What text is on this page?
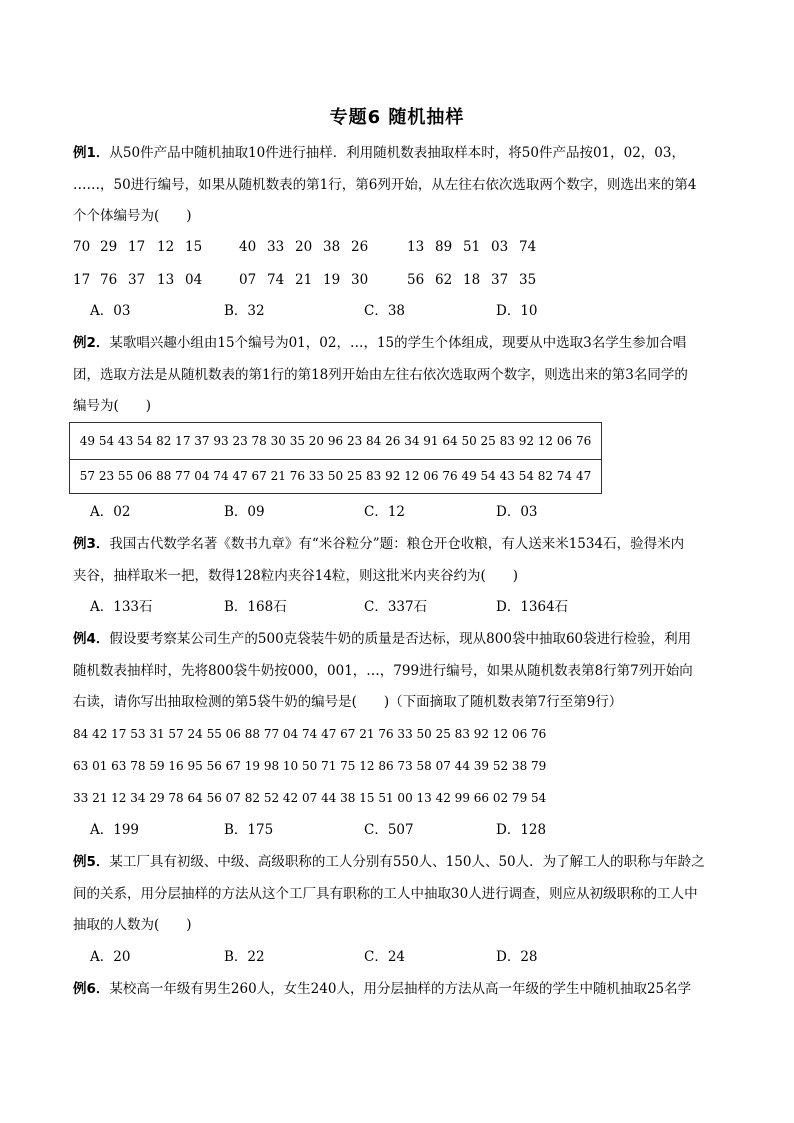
专题6 随机抽样
例1．从50件产品中随机抽取10件进行抽样．利用随机数表抽取样本时，将50件产品按01，02，03，
……，50进行编号，如果从随机数表的第1行，第6列开始，从左往右依次选取两个数字，则选出来的第4
个个体编号为(　　)
70 29 17 12 15	40 33 20 38 26	13 89 51 03 74
17 76 37 13 04	07 74 21 19 30	56 62 18 37 35
A．03	B．32	C．38	D．10
例2．某歌唱兴趣小组由15个编号为01，02，…，15的学生个体组成，现要从中选取3名学生参加合唱
团，选取方法是从随机数表的第1行的第18列开始由左往右依次选取两个数字，则选出来的第3名同学的
编号为(　　)
49 54 43 54 82 17 37 93 23 78 30 35 20 96 23 84 26 34 91 64 50 25 83 92 12 06 76
57 23 55 06 88 77 04 74 47 67 21 76 33 50 25 83 92 12 06 76 49 54 43 54 82 74 47
A．02	B．09	C．12	D．03
例3．我国古代数学名著《数书九章》有“米谷粒分”题：粮仓开仓收粮，有人送来米1534石，验得米内
夹谷，抽样取米一把，数得128粒内夹谷14粒，则这批米内夹谷约为(　　)
A．133石	B．168石	C．337石	D．1364石
例4．假设要考察某公司生产的500克袋装牛奶的质量是否达标，现从800袋中抽取60袋进行检验，利用
随机数表抽样时，先将800袋牛奶按000，001，…，799进行编号，如果从随机数表第8行第7列开始向
右读，请你写出抽取检测的第5袋牛奶的编号是(　　)（下面摘取了随机数表第7行至第9行）
84 42 17 53 31 57 24 55 06 88 77 04 74 47 67 21 76 33 50 25 83 92 12 06 76
63 01 63 78 59 16 95 56 67 19 98 10 50 71 75 12 86 73 58 07 44 39 52 38 79
33 21 12 34 29 78 64 56 07 82 52 42 07 44 38 15 51 00 13 42 99 66 02 79 54
A．199	B．175	C．507	D．128
例5．某工厂具有初级、中级、高级职称的工人分别有550人、150人、50人．为了解工人的职称与年龄之
间的关系，用分层抽样的方法从这个工厂具有职称的工人中抽取30人进行调查，则应从初级职称的工人中
抽取的人数为(　　)
A．20	B．22	C．24	D．28
例6．某校高一年级有男生260人，女生240人，用分层抽样的方法从高一年级的学生中随机抽取25名学
